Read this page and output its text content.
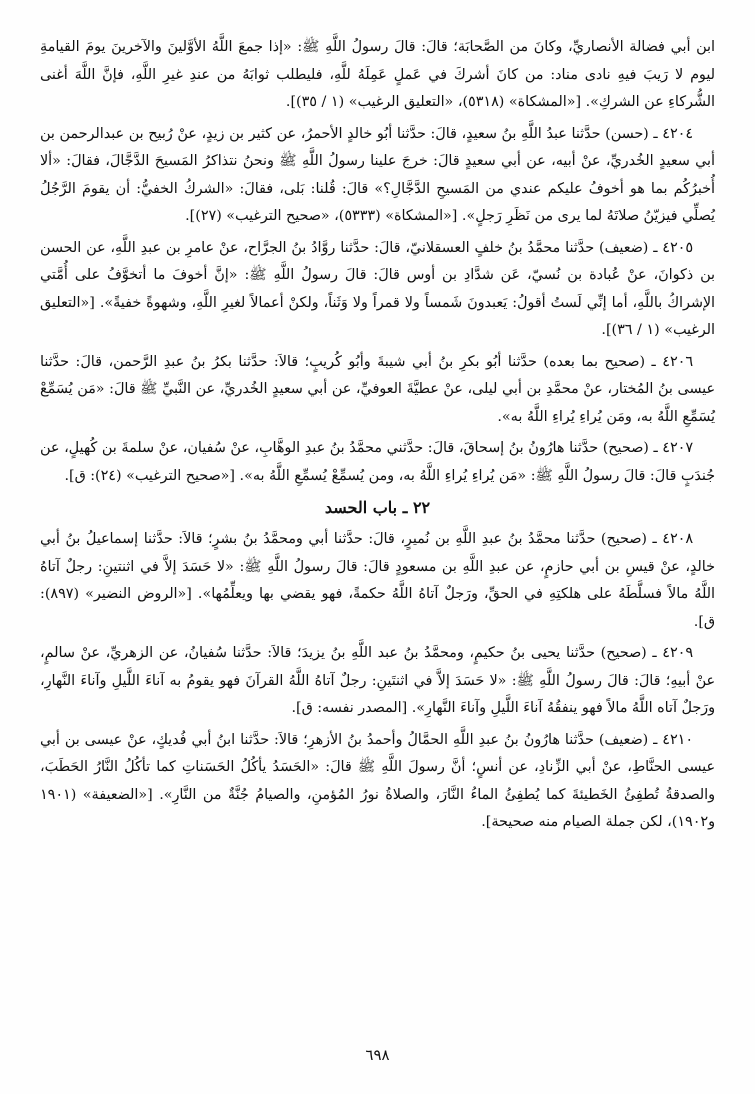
ابن أبي فضالة الأنصاريِّ، وكانَ من الصَّحابَة؛ قالَ: قالَ رسولُ اللَّهِ ﷺ: «إذا جمعَ اللَّهُ الأوَّلينَ والآخرينَ يومَ القيامةِ ليوم لا رَيبَ فيهِ نادى مناد: من كانَ أشركَ في عَملٍ عَمِلَهُ للَّهِ، فليطلب ثوابَهُ من عندِ غيرِ اللَّهِ، فإنَّ اللَّهَ أغنى الشُّركاءِ عن الشركِ». [«المشكاة» (٥٣١٨)، «التعليق الرغيب» (١ / ٣٥)].

٤٢٠٤ ـ (حسن) حدَّثنا عبدُ اللَّهِ بنُ سعيدٍ، قالَ: حدَّثنا أبُو خالدٍ الأحمرُ، عن كثير بن زيدٍ، عنْ رُبيح بن عبدالرحمن بن أبي سعيدٍ الخُدريِّ، عنْ أبيه، عن أبي سعيدٍ قالَ: خرجَ علينا رسولُ اللَّهِ ﷺ ونحنُ نتذاكرُ المَسيحَ الدَّجَّالَ، فقالَ: «ألا أُخبرُكُم بما هو أخوفُ عليكم عندي من المَسيحِ الدَّجَّالِ؟» قالَ: قُلنا: بَلى، فقالَ: «الشركُ الخفيُّ: أن يقومَ الرَّجُلُ يُصلِّي فيزيّنُ صلاتَهُ لما يرى من نَظَرِ رَجلٍ». [«المشكاة» (٥٣٣٣)، «صحيح الترغيب» (٢٧)].

٤٢٠٥ ـ (ضعيف) حدَّثنا محمَّدُ بنُ خلفٍ العسقلانيّ، قالَ: حدَّثنا روَّادُ بنُ الجرَّاح، عنْ عامرِ بن عبدِ اللَّهِ، عن الحسن بن ذكوانَ، عنْ عُبادة بن نُسيّ، عَن شدَّادِ بن أوس قالَ: قالَ رسولُ اللَّهِ ﷺ: «إنَّ أخوفَ ما أتخوَّفُ على أُمَّتي الإشراكُ باللَّهِ، أما إنِّي لَستُ أقولُ: يَعبدونَ شَمساً ولا قمراً ولا وَثَناً، ولكنْ أعمالاً لغيرِ اللَّهِ، وشهوةً خفيةً». [«التعليق الرغيب» (١ / ٣٦)].

٤٢٠٦ ـ (صحيح بما بعده) حدَّثنا أبُو بكرِ بنُ أبي شيبةَ وأبُو كُريبٍ؛ قالاَ: حدَّثنا بكرُ بنُ عبدِ الرَّحمن، قالَ: حدَّثنا عيسى بنُ المُختار، عنْ محمَّدِ بن أبي ليلى، عنْ عطيَّةَ العوفيِّ، عن أبي سعيدٍ الخُدريِّ، عن النَّبيِّ ﷺ قالَ: «مَن يُسَمِّعْ يُسَمِّعِ اللَّهُ به، ومَن يُراءِ يُراءِ اللَّهُ به».

٤٢٠٧ ـ (صحيح) حدَّثنا هارُونُ بنُ إسحاقَ، قالَ: حدَّثني محمَّدُ بنُ عبدِ الوهَّابِ، عنْ سُفيان، عنْ سلمةَ بن كُهيلٍ، عن جُندَبٍ قالَ: قالَ رسولُ اللَّهِ ﷺ: «مَن يُراءِ يُراءِ اللَّهُ به، ومن يُسمِّعْ يُسمِّعِ اللَّهُ به». [«صحيح الترغيب» (٢٤): ق].

٢٢ ـ باب الحسد

٤٢٠٨ ـ (صحيح) حدَّثنا محمَّدُ بنُ عبدِ اللَّهِ بن نُميرٍ، قالَ: حدَّثنا أبي ومحمَّدُ بنُ بشرٍ؛ قالاَ: حدَّثنا إسماعيلُ بنُ أبي خالدٍ، عنْ قيسِ بن أبي حازمٍ، عن عبدِ اللَّهِ بن مسعودٍ قالَ: قالَ رسولُ اللَّهِ ﷺ: «لا حَسَدَ إلاَّ في اثنتينِ: رجلٌ آتاهُ اللَّهُ مالاً فسلَّطَهُ على هلكتِهِ في الحقِّ، ورَجلٌ آتاهُ اللَّهُ حكمةً، فهو يقضي بها ويعلِّمُها». [«الروض النضير» (٨٩٧): ق].

٤٢٠٩ ـ (صحيح) حدَّثنا يحيى بنُ حكيمٍ، ومحمَّدُ بنُ عبد اللَّهِ بنُ يزيدَ؛ قالاَ: حدَّثنا سُفيانُ، عن الزهريِّ، عنْ سالمٍ، عنْ أبيهِ؛ قالَ: قالَ رسولُ اللَّهِ ﷺ: «لا حَسَدَ إلاَّ في اثنتَينِ: رجلٌ آتاهُ اللَّهُ القرآنَ فهو يقومُ به آناءَ اللَّيلِ وآناءَ النَّهارِ، ورَجلٌ آتاه اللَّهُ مالاً فهو ينفقُهُ آناءَ اللَّيلِ وآناءَ النَّهارِ». [المصدر نفسه: ق].

٤٢١٠ ـ (ضعيف) حدَّثنا هارُونُ بنُ عبدِ اللَّهِ الحمَّالُ وأحمدُ بنُ الأزهرِ؛ قالاَ: حدَّثنا ابنُ أبي فُديكٍ، عنْ عيسى بن أبي عيسى الحنَّاطِ، عنْ أبي الزِّنادِ، عن أنسٍ؛ أنَّ رسولَ اللَّهِ ﷺ قالَ: «الحَسَدُ يأكُلُ الحَسَناتِ كما تأكُلُ النَّارُ الحَطَبَ، والصدقةُ تُطفِئُ الخَطيئةَ كما يُطفِئُ الماءُ النَّارَ، والصلاةُ نورُ المُؤمنِ، والصيامُ جُنَّةٌ من النَّارِ». [«الضعيفة» (١٩٠١ و١٩٠٢)، لكن جملة الصيام منه صحيحة].

٦٩٨
